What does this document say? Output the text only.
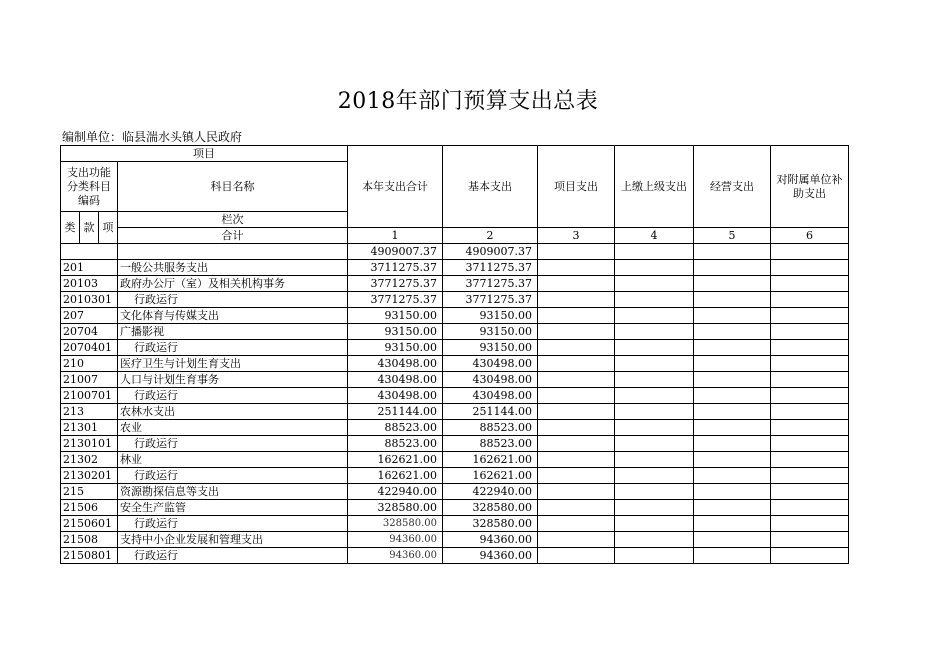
2018年部门预算支出总表
编制单位：临县湍水头镇人民政府
项目				本年支出合计	基本支出	项目支出	上缴上级支出	经营支出	对附属单位补助支出
支出功能分类科目编码			科目名称						
类	款	项	栏次						
			合计	1	2	3	4	5	6
				4909007.37	4909007.37				
201			一般公共服务支出	3711275.37	3711275.37				
20103			政府办公厅（室）及相关机构事务	3771275.37	3771275.37				
2010301			行政运行	3771275.37	3771275.37				
207			文化体育与传媒支出	93150.00	93150.00				
20704			广播影视	93150.00	93150.00				
2070401			行政运行	93150.00	93150.00				
210			医疗卫生与计划生育支出	430498.00	430498.00				
21007			人口与计划生育事务	430498.00	430498.00				
2100701			行政运行	430498.00	430498.00				
213			农林水支出	251144.00	251144.00				
21301			农业	88523.00	88523.00				
2130101			行政运行	88523.00	88523.00				
21302			林业	162621.00	162621.00				
2130201			行政运行	162621.00	162621.00				
215			资源勘探信息等支出	422940.00	422940.00				
21506			安全生产监管	328580.00	328580.00				
2150601			行政运行	328580.00	328580.00				
21508			支持中小企业发展和管理支出	94360.00	94360.00				
2150801			行政运行	94360.00	94360.00				
